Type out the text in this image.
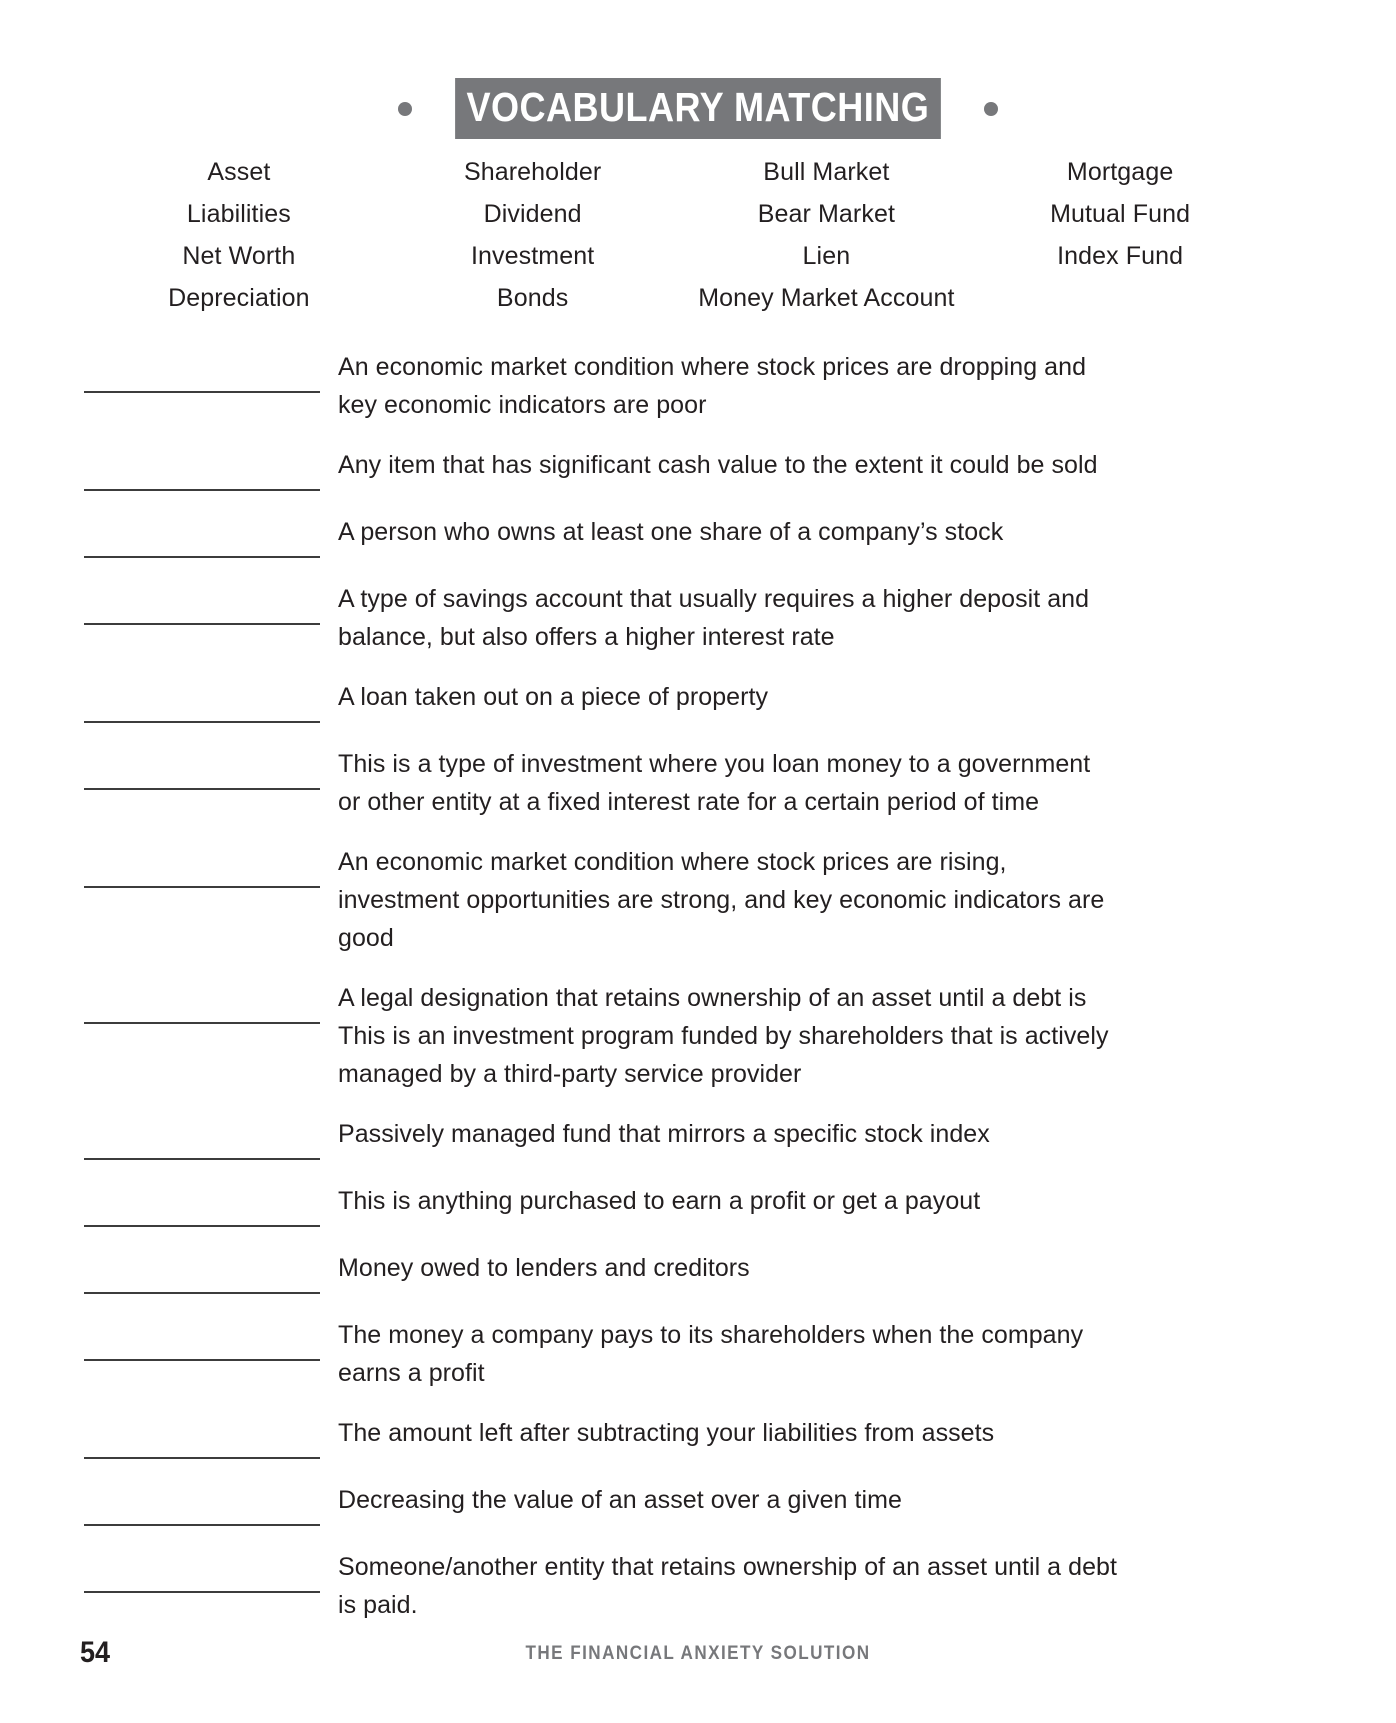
VOCABULARY MATCHING
Asset	Shareholder	Bull Market	Mortgage
Liabilities	Dividend	Bear Market	Mutual Fund
Net Worth	Investment	Lien	Index Fund
Depreciation	Bonds	Money Market Account

An economic market condition where stock prices are dropping and

key economic indicators are poor

Any item that has significant cash value to the extent it could be sold

A person who owns at least one share of a company’s stock

A type of savings account that usually requires a higher deposit and

balance, but also offers a higher interest rate

A loan taken out on a piece of property

This is a type of investment where you loan money to a government

or other entity at a fixed interest rate for a certain period of time

An economic market condition where stock prices are rising,

investment opportunities are strong, and key economic indicators are

good

A legal designation that retains ownership of an asset until a debt is

This is an investment program funded by shareholders that is actively

managed by a third-party service provider

Passively managed fund that mirrors a specific stock index

This is anything purchased to earn a profit or get a payout

Money owed to lenders and creditors

The money a company pays to its shareholders when the company

earns a profit

The amount left after subtracting your liabilities from assets

Decreasing the value of an asset over a given time

Someone/another entity that retains ownership of an asset until a debt

is paid.

54	THE FINANCIAL ANXIETY SOLUTION
